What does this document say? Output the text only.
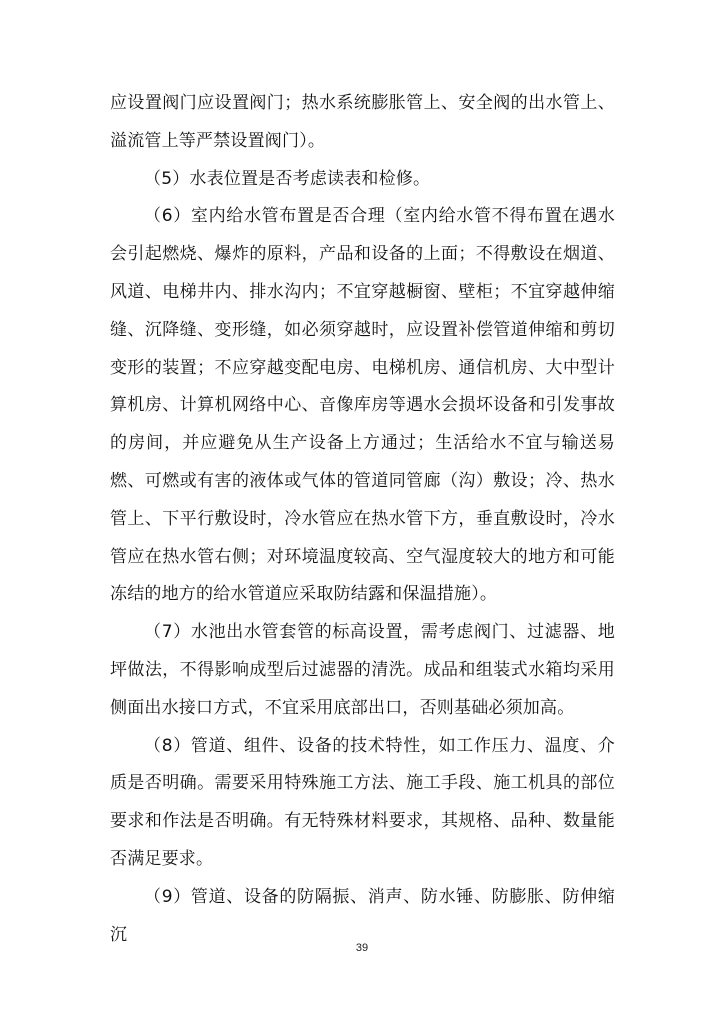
应设置阀门应设置阀门；热水系统膨胀管上、安全阀的出水管上、溢流管上等严禁设置阀门）。

（5）水表位置是否考虑读表和检修。

（6）室内给水管布置是否合理（室内给水管不得布置在遇水会引起燃烧、爆炸的原料，产品和设备的上面；不得敷设在烟道、风道、电梯井内、排水沟内；不宜穿越橱窗、壁柜；不宜穿越伸缩缝、沉降缝、变形缝，如必须穿越时，应设置补偿管道伸缩和剪切变形的装置；不应穿越变配电房、电梯机房、通信机房、大中型计算机房、计算机网络中心、音像库房等遇水会损坏设备和引发事故的房间，并应避免从生产设备上方通过；生活给水不宜与输送易燃、可燃或有害的液体或气体的管道同管廊（沟）敷设；冷、热水管上、下平行敷设时，冷水管应在热水管下方，垂直敷设时，冷水管应在热水管右侧；对环境温度较高、空气湿度较大的地方和可能冻结的地方的给水管道应采取防结露和保温措施）。

（7）水池出水管套管的标高设置，需考虑阀门、过滤器、地坪做法，不得影响成型后过滤器的清洗。成品和组装式水箱均采用侧面出水接口方式，不宜采用底部出口，否则基础必须加高。

（8）管道、组件、设备的技术特性，如工作压力、温度、介质是否明确。需要采用特殊施工方法、施工手段、施工机具的部位要求和作法是否明确。有无特殊材料要求，其规格、品种、数量能否满足要求。

（9）管道、设备的防隔振、消声、防水锤、防膨胀、防伸缩沉

39
